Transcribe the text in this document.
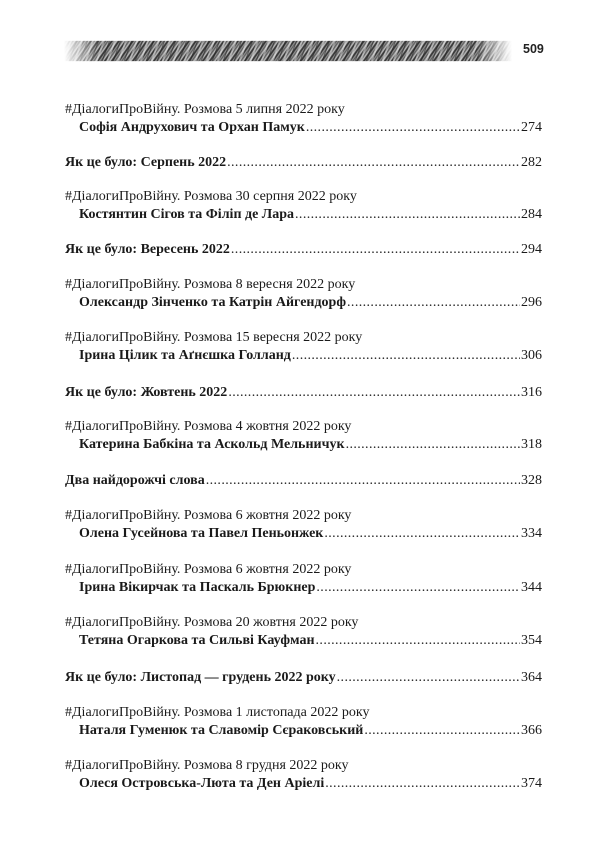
509
#ДіалогиПроВійну. Розмова 5 липня 2022 року
Софія Андрухович та Орхан Памук .....	274
Як це було: Серпень 2022 .....	282
#ДіалогиПроВійну. Розмова 30 серпня 2022 року
Костянтин Сігов та Філіп де Лара .....	284
Як це було: Вересень 2022 .....	294
#ДіалогиПроВійну. Розмова 8 вересня 2022 року
Олександр Зінченко та Катрін Айгендорф .....	296
#ДіалогиПроВійну. Розмова 15 вересня 2022 року
Ірина Цілик та Аґнєшка Голланд .....	306
Як це було: Жовтень 2022 .....	316
#ДіалогиПроВійну. Розмова 4 жовтня 2022 року
Катерина Бабкіна та Аскольд Мельничук .....	318
Два найдорожчі слова .....	328
#ДіалогиПроВійну. Розмова 6 жовтня 2022 року
Олена Гусейнова та Павел Пеньонжек .....	334
#ДіалогиПроВійну. Розмова 6 жовтня 2022 року
Ірина Вікирчак та Паскаль Брюкнер .....	344
#ДіалогиПроВійну. Розмова 20 жовтня 2022 року
Тетяна Огаркова та Сильві Кауфман .....	354
Як це було: Листопад — грудень 2022 року .....	364
#ДіалогиПроВійну. Розмова 1 листопада 2022 року
Наталя Гуменюк та Славомір Сєраковський .....	366
#ДіалогиПроВійну. Розмова 8 грудня 2022 року
Олеся Островська-Люта та Ден Аріелі .....	374
